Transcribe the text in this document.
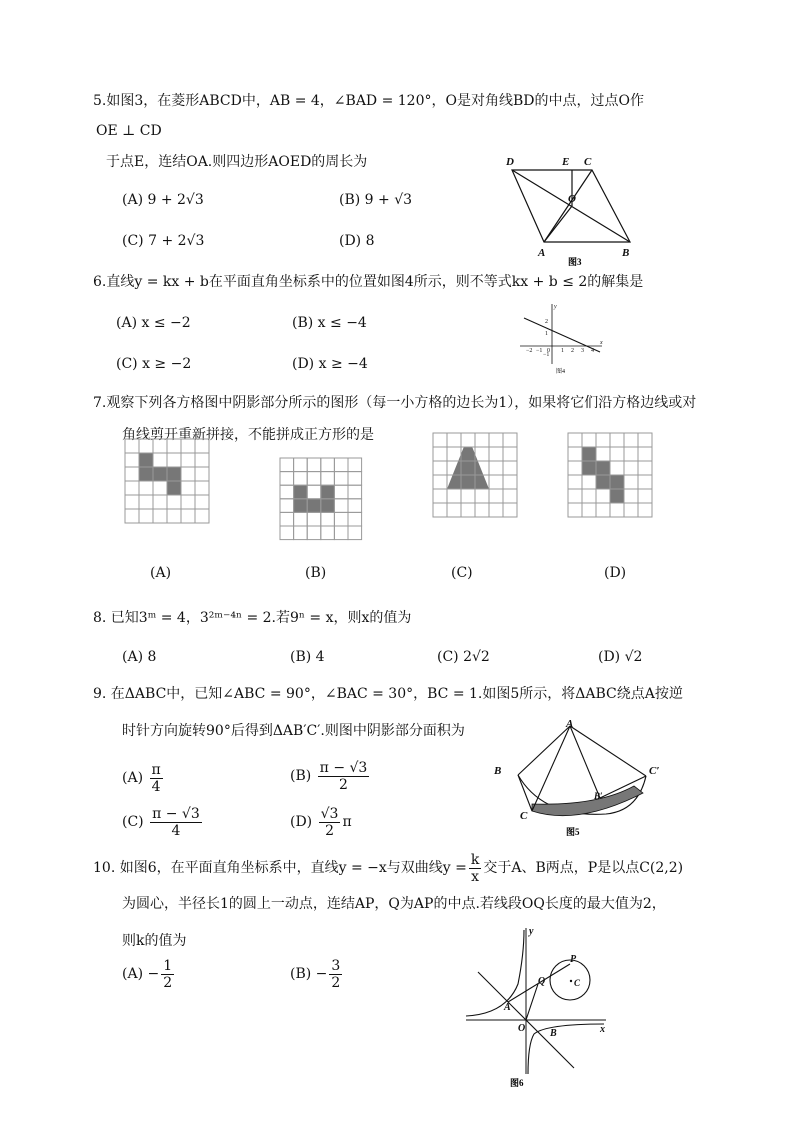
5.如图3，在菱形ABCD中，AB = 4，∠BAD = 120°，O是对角线BD的中点，过点O作
OE ⊥ CD
于点E，连结OA.则四边形AOED的周长为
(A) 9 + 2√3	(B) 9 + √3
(C) 7 + 2√3	(D) 8
D	E C
O
A	B
图3
6.直线y = kx + b在平面直角坐标系中的位置如图4所示，则不等式kx + b ≤ 2的解集是
(A) x ≤ −2	(B) x ≤ −4
(C) x ≥ −2	(D) x ≥ −4
y
x
2
1
−1
0
−2 −1	1 2 3 4
图4
7.观察下列各方格图中阴影部分所示的图形（每一小方格的边长为1），如果将它们沿方格边线或对
角线剪开重新拼接，不能拼成正方形的是
(A)	(B)	(C)	(D)
8. 已知3ᵐ = 4，3²ᵐ⁻⁴ⁿ = 2.若9ⁿ = x，则x的值为
(A) 8	(B) 4	(C) 2√2	(D) √2
9. 在ΔABC中，已知∠ABC = 90°，∠BAC = 30°，BC = 1.如图5所示，将ΔABC绕点A按逆
时针方向旋转90°后得到ΔAB′C′.则图中阴影部分面积为
$(A) \frac{\pi}{4}$	$(B) \frac{\pi - √3}{2}$
$(C) \frac{\pi - √3}{4}$	$(D) \frac{√3}{2}$ π
A
B
C
C′
B′
图5
10. 如图6，在平面直角坐标系中，直线y = −x与双曲线$y = \frac{k}{x}$ 交于A、B两点，P是以点C(2,2)
为圆心，半径长1的圆上一动点，连结AP，Q为AP的中点.若线段OQ长度的最大值为2，
则k的值为
$(A) - \frac{1}{2}$	$(B) - \frac{3}{2}$
y
x
P
Q	C
A
O B
图6
